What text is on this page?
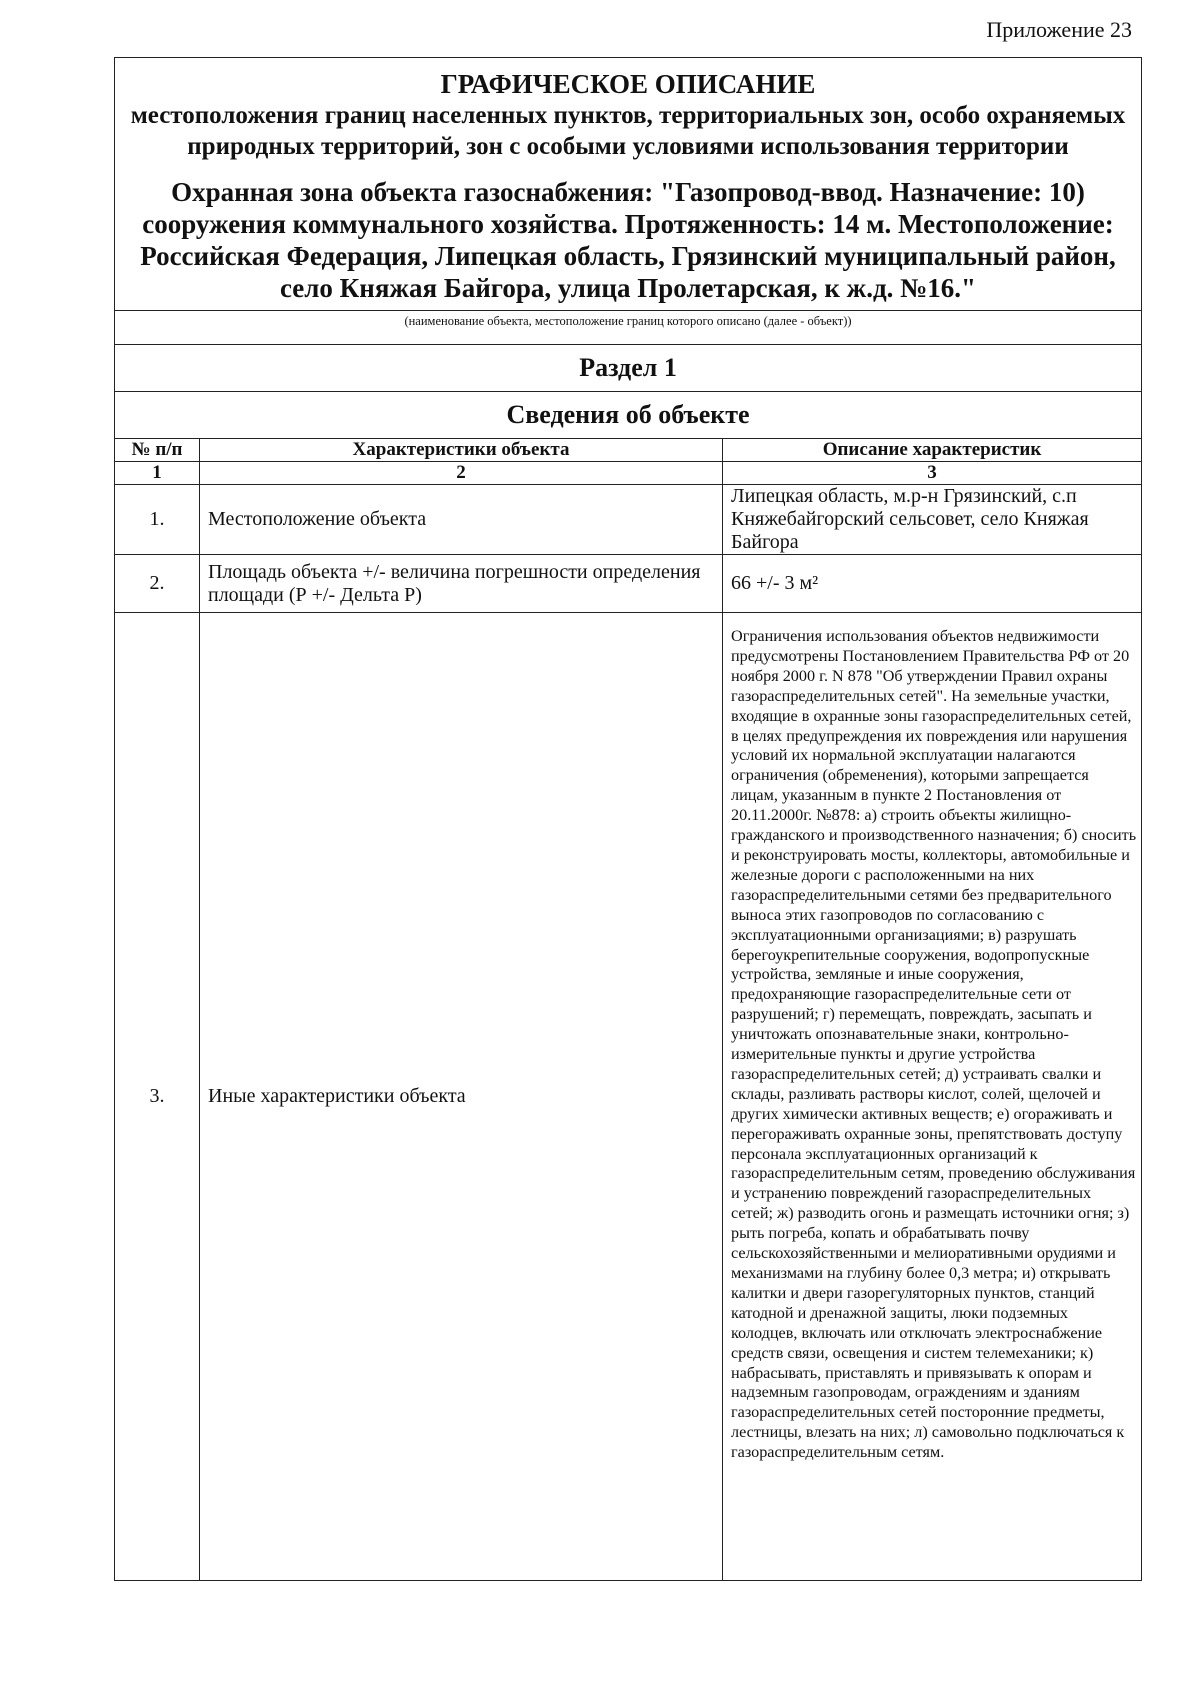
Приложение 23
ГРАФИЧЕСКОЕ ОПИСАНИЕ
местоположения границ населенных пунктов, территориальных зон, особо охраняемых природных территорий, зон с особыми условиями использования территории
Охранная зона объекта газоснабжения: "Газопровод-ввод. Назначение: 10) сооружения коммунального хозяйства. Протяженность: 14 м. Местоположение: Российская Федерация, Липецкая область, Грязинский муниципальный район, село Княжая Байгора, улица Пролетарская, к ж.д. №16."		

(наименование объекта, местоположение границ которого описано (далее - объект))		
Раздел 1		
Сведения об объекте		
№ п/п	Характеристики объекта	Описание характеристик
1	2	3
1.	Местоположение объекта	Липецкая область, м.р-н Грязинский, с.п Княжебайгорский сельсовет, село Княжая Байгора
2.	Площадь объекта +/- величина погрешности определения площади (Р +/- Дельта Р)	66 +/- 3 м²
3.	Иные характеристики объекта	Ограничения использования объектов недвижимости предусмотрены Постановлением Правительства РФ от 20 ноября 2000 г. N 878 "Об утверждении Правил охраны газораспределительных сетей". На земельные участки, входящие в охранные зоны газораспределительных сетей, в целях предупреждения их повреждения или нарушения условий их нормальной эксплуатации налагаются ограничения (обременения), которыми запрещается лицам, указанным в пункте 2 Постановления от 20.11.2000г. №878: а) строить объекты жилищно-гражданского и производственного назначения; б) сносить и реконструировать мосты, коллекторы, автомобильные и железные дороги с расположенными на них газораспределительными сетями без предварительного выноса этих газопроводов по согласованию с эксплуатационными организациями; в) разрушать берегоукрепительные сооружения, водопропускные устройства, земляные и иные сооружения, предохраняющие газораспределительные сети от разрушений; г) перемещать, повреждать, засыпать и уничтожать опознавательные знаки, контрольно-измерительные пункты и другие устройства газораспределительных сетей; д) устраивать свалки и склады, разливать растворы кислот, солей, щелочей и других химически активных веществ; е) огораживать и перегораживать охранные зоны, препятствовать доступу персонала эксплуатационных организаций к газораспределительным сетям, проведению обслуживания и устранению повреждений газораспределительных сетей; ж) разводить огонь и размещать источники огня; з) рыть погреба, копать и обрабатывать почву сельскохозяйственными и мелиоративными орудиями и механизмами на глубину более 0,3 метра; и) открывать калитки и двери газорегуляторных пунктов, станций катодной и дренажной защиты, люки подземных колодцев, включать или отключать электроснабжение средств связи, освещения и систем телемеханики; к) набрасывать, приставлять и привязывать к опорам и надземным газопроводам, ограждениям и зданиям газораспределительных сетей посторонние предметы, лестницы, влезать на них; л) самовольно подключаться к газораспределительным сетям.
